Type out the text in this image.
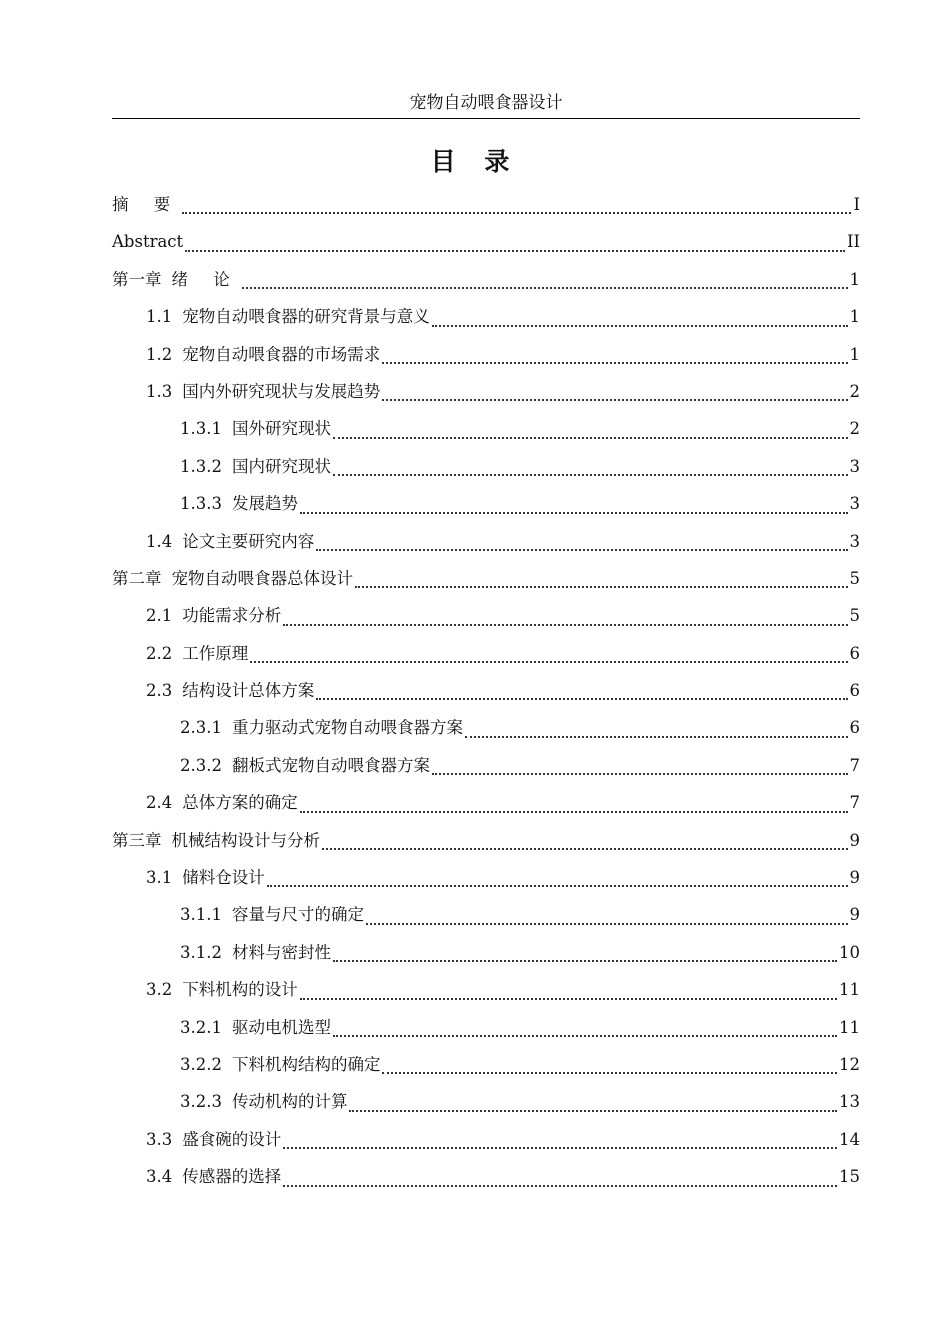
宠物自动喂食器设计
目 录
摘 要	I
Abstract	II
第一章 绪 论	1
1.1 宠物自动喂食器的研究背景与意义	1
1.2 宠物自动喂食器的市场需求	1
1.3 国内外研究现状与发展趋势	2
1.3.1 国外研究现状	2
1.3.2 国内研究现状	3
1.3.3 发展趋势	3
1.4 论文主要研究内容	3
第二章 宠物自动喂食器总体设计	5
2.1 功能需求分析	5
2.2 工作原理	6
2.3 结构设计总体方案	6
2.3.1 重力驱动式宠物自动喂食器方案	6
2.3.2 翻板式宠物自动喂食器方案	7
2.4 总体方案的确定	7
第三章 机械结构设计与分析	9
3.1 储料仓设计	9
3.1.1 容量与尺寸的确定	9
3.1.2 材料与密封性	10
3.2 下料机构的设计	11
3.2.1 驱动电机选型	11
3.2.2 下料机构结构的确定	12
3.2.3 传动机构的计算	13
3.3 盛食碗的设计	14
3.4 传感器的选择	15
